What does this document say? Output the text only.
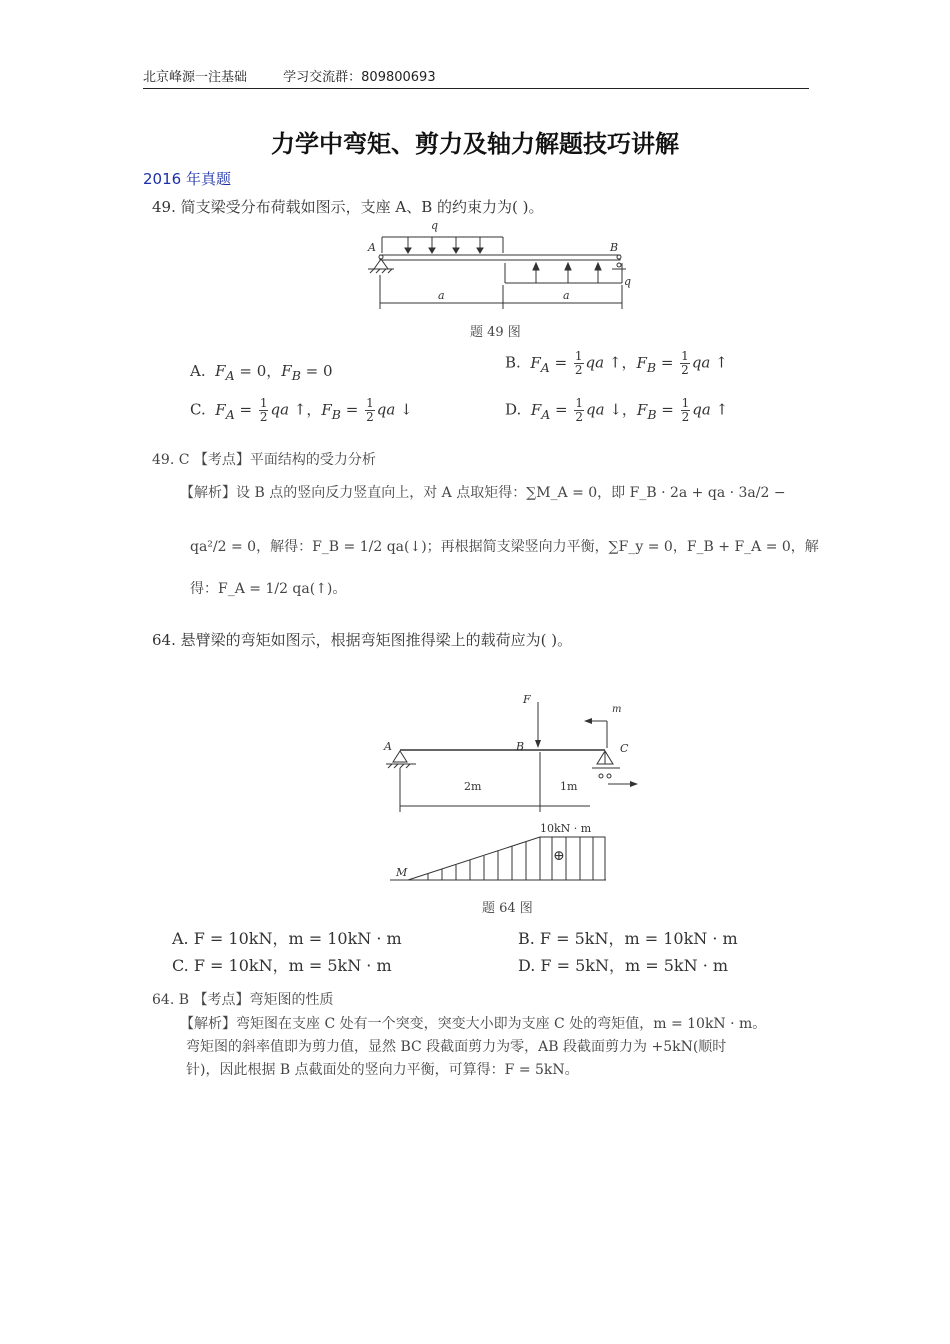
北京峰源一注基础	学习交流群：809800693
力学中弯矩、剪力及轴力解题技巧讲解
2016 年真题
49. 简支梁受分布荷载如图示，支座 A、B 的约束力为( )。
q
A	B
q
a	a
题 49 图
A. $F_A = 0$，$F_B = 0$	B. $F_A = \frac{1}{2}$ qa ↑，$F_B = \frac{1}{2}$ qa ↑
C. $F_A = \frac{1}{2}$ qa ↑，$F_B = \frac{1}{2}$ qa ↓	D. $F_A = \frac{1}{2}$ qa ↓，$F_B = \frac{1}{2}$ qa ↑
49. C 【考点】平面结构的受力分析
【解析】设 B 点的竖向反力竖直向上，对 A 点取矩得：∑M_A = 0，即 F_B · 2a + qa · 3a/2 −
qa²/2 = 0，解得：F_B = 1/2 qa(↓)；再根据简支梁竖向力平衡，∑F_y = 0，F_B + F_A = 0，解
得：F_A = 1/2 qa(↑)。
64. 悬臂梁的弯矩如图示，根据弯矩图推得梁上的载荷应为( )。
F
m
A	B	C
2m	1m
10kN · m
⊕
M
题 64 图
A. F = 10kN，m = 10kN · m	B. F = 5kN，m = 10kN · m
C. F = 10kN，m = 5kN · m	D. F = 5kN，m = 5kN · m
64. B 【考点】弯矩图的性质
【解析】弯矩图在支座 C 处有一个突变，突变大小即为支座 C 处的弯矩值，m = 10kN · m。
弯矩图的斜率值即为剪力值，显然 BC 段截面剪力为零，AB 段截面剪力为 +5kN(顺时
针)，因此根据 B 点截面处的竖向力平衡，可算得：F = 5kN。
